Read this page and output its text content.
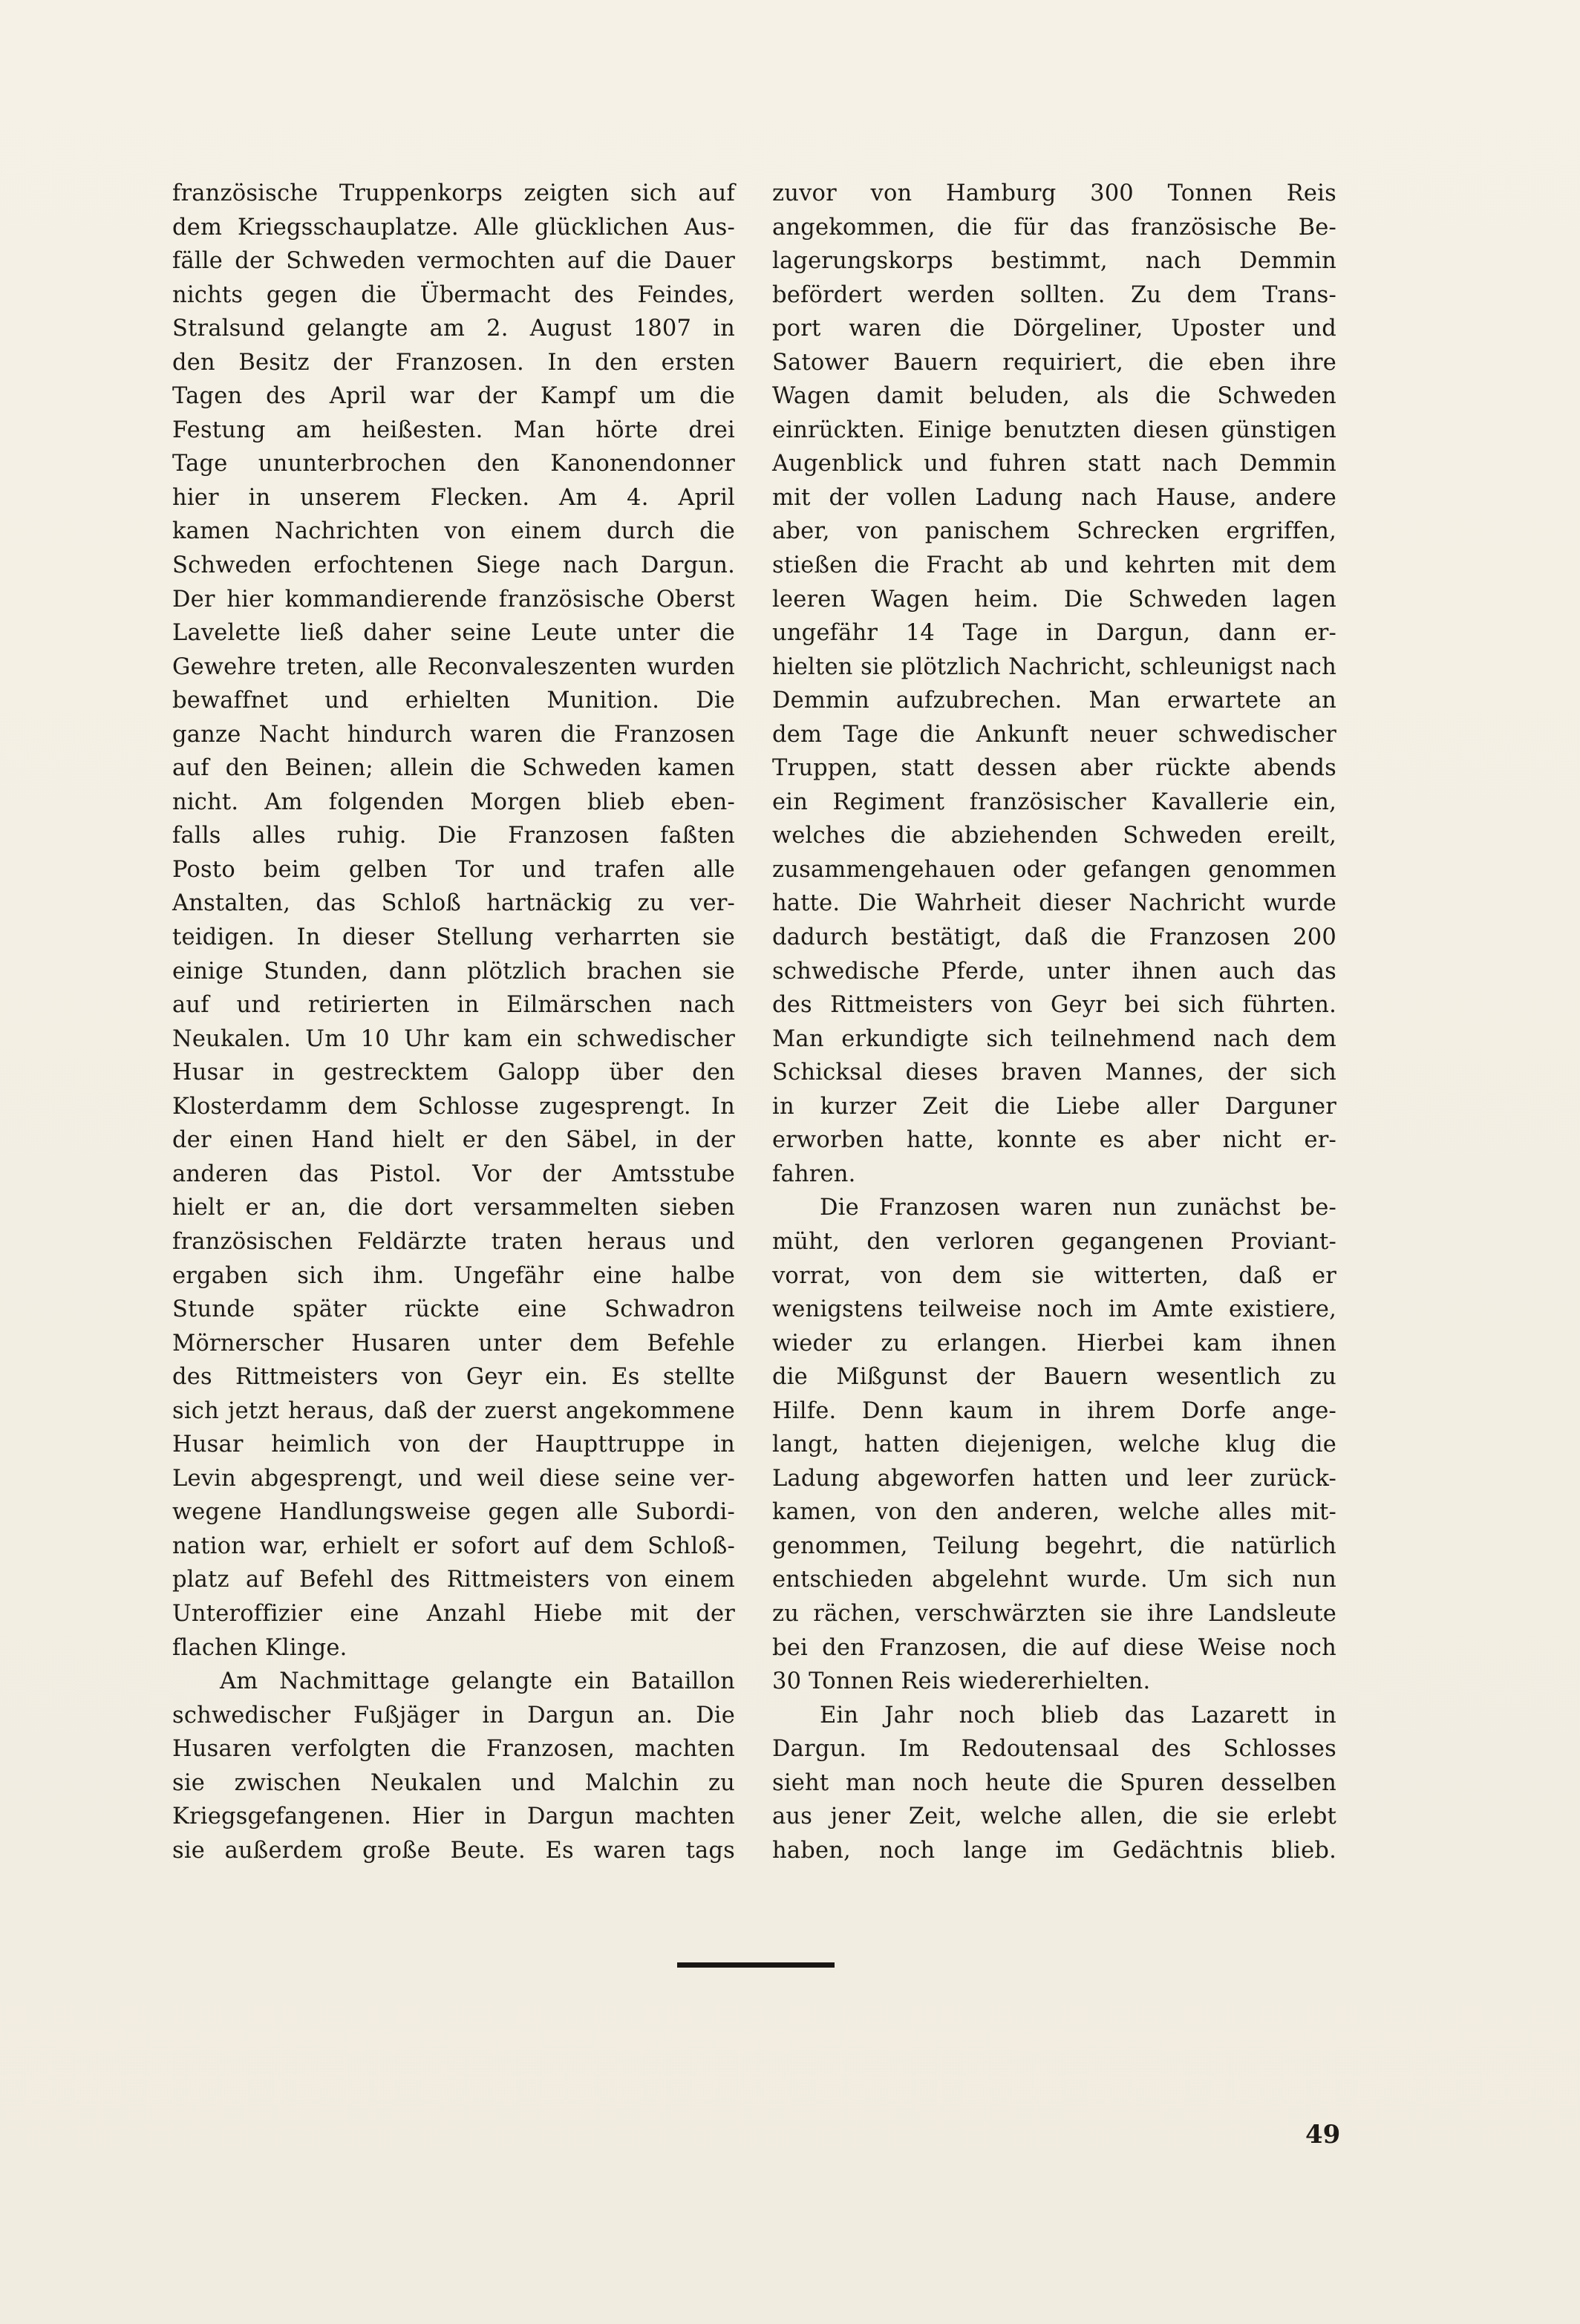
französische Truppenkorps zeigten sich auf

dem Kriegsschauplatze. Alle glücklichen Aus-

fälle der Schweden vermochten auf die Dauer

nichts gegen die Übermacht des Feindes,

Stralsund gelangte am 2. August 1807 in

den Besitz der Franzosen. In den ersten

Tagen des April war der Kampf um die

Festung am heißesten. Man hörte drei

Tage ununterbrochen den Kanonendonner

hier in unserem Flecken. Am 4. April

kamen Nachrichten von einem durch die

Schweden erfochtenen Siege nach Dargun.

Der hier kommandierende französische Oberst

Lavelette ließ daher seine Leute unter die

Gewehre treten, alle Reconvaleszenten wurden

bewaffnet und erhielten Munition. Die

ganze Nacht hindurch waren die Franzosen

auf den Beinen; allein die Schweden kamen

nicht. Am folgenden Morgen blieb eben-

falls alles ruhig. Die Franzosen faßten

Posto beim gelben Tor und trafen alle

Anstalten, das Schloß hartnäckig zu ver-

teidigen. In dieser Stellung verharrten sie

einige Stunden, dann plötzlich brachen sie

auf und retirierten in Eilmärschen nach

Neukalen. Um 10 Uhr kam ein schwedischer

Husar in gestrecktem Galopp über den

Klosterdamm dem Schlosse zugesprengt. In

der einen Hand hielt er den Säbel, in der

anderen das Pistol. Vor der Amtsstube

hielt er an, die dort versammelten sieben

französischen Feldärzte traten heraus und

ergaben sich ihm. Ungefähr eine halbe

Stunde später rückte eine Schwadron

Mörnerscher Husaren unter dem Befehle

des Rittmeisters von Geyr ein. Es stellte

sich jetzt heraus, daß der zuerst angekommene

Husar heimlich von der Haupttruppe in

Levin abgesprengt, und weil diese seine ver-

wegene Handlungsweise gegen alle Subordi-

nation war, erhielt er sofort auf dem Schloß-

platz auf Befehl des Rittmeisters von einem

Unteroffizier eine Anzahl Hiebe mit der

flachen Klinge.

Am Nachmittage gelangte ein Bataillon

schwedischer Fußjäger in Dargun an. Die

Husaren verfolgten die Franzosen, machten

sie zwischen Neukalen und Malchin zu

Kriegsgefangenen. Hier in Dargun machten

sie außerdem große Beute. Es waren tags

zuvor von Hamburg 300 Tonnen Reis

angekommen, die für das französische Be-

lagerungskorps bestimmt, nach Demmin

befördert werden sollten. Zu dem Trans-

port waren die Dörgeliner, Uposter und

Satower Bauern requiriert, die eben ihre

Wagen damit beluden, als die Schweden

einrückten. Einige benutzten diesen günstigen

Augenblick und fuhren statt nach Demmin

mit der vollen Ladung nach Hause, andere

aber, von panischem Schrecken ergriffen,

stießen die Fracht ab und kehrten mit dem

leeren Wagen heim. Die Schweden lagen

ungefähr 14 Tage in Dargun, dann er-

hielten sie plötzlich Nachricht, schleunigst nach

Demmin aufzubrechen. Man erwartete an

dem Tage die Ankunft neuer schwedischer

Truppen, statt dessen aber rückte abends

ein Regiment französischer Kavallerie ein,

welches die abziehenden Schweden ereilt,

zusammengehauen oder gefangen genommen

hatte. Die Wahrheit dieser Nachricht wurde

dadurch bestätigt, daß die Franzosen 200

schwedische Pferde, unter ihnen auch das

des Rittmeisters von Geyr bei sich führten.

Man erkundigte sich teilnehmend nach dem

Schicksal dieses braven Mannes, der sich

in kurzer Zeit die Liebe aller Darguner

erworben hatte, konnte es aber nicht er-

fahren.

Die Franzosen waren nun zunächst be-

müht, den verloren gegangenen Proviant-

vorrat, von dem sie witterten, daß er

wenigstens teilweise noch im Amte existiere,

wieder zu erlangen. Hierbei kam ihnen

die Mißgunst der Bauern wesentlich zu

Hilfe. Denn kaum in ihrem Dorfe ange-

langt, hatten diejenigen, welche klug die

Ladung abgeworfen hatten und leer zurück-

kamen, von den anderen, welche alles mit-

genommen, Teilung begehrt, die natürlich

entschieden abgelehnt wurde. Um sich nun

zu rächen, verschwärzten sie ihre Landsleute

bei den Franzosen, die auf diese Weise noch

30 Tonnen Reis wiedererhielten.

Ein Jahr noch blieb das Lazarett in

Dargun. Im Redoutensaal des Schlosses

sieht man noch heute die Spuren desselben

aus jener Zeit, welche allen, die sie erlebt

haben, noch lange im Gedächtnis blieb.

49
